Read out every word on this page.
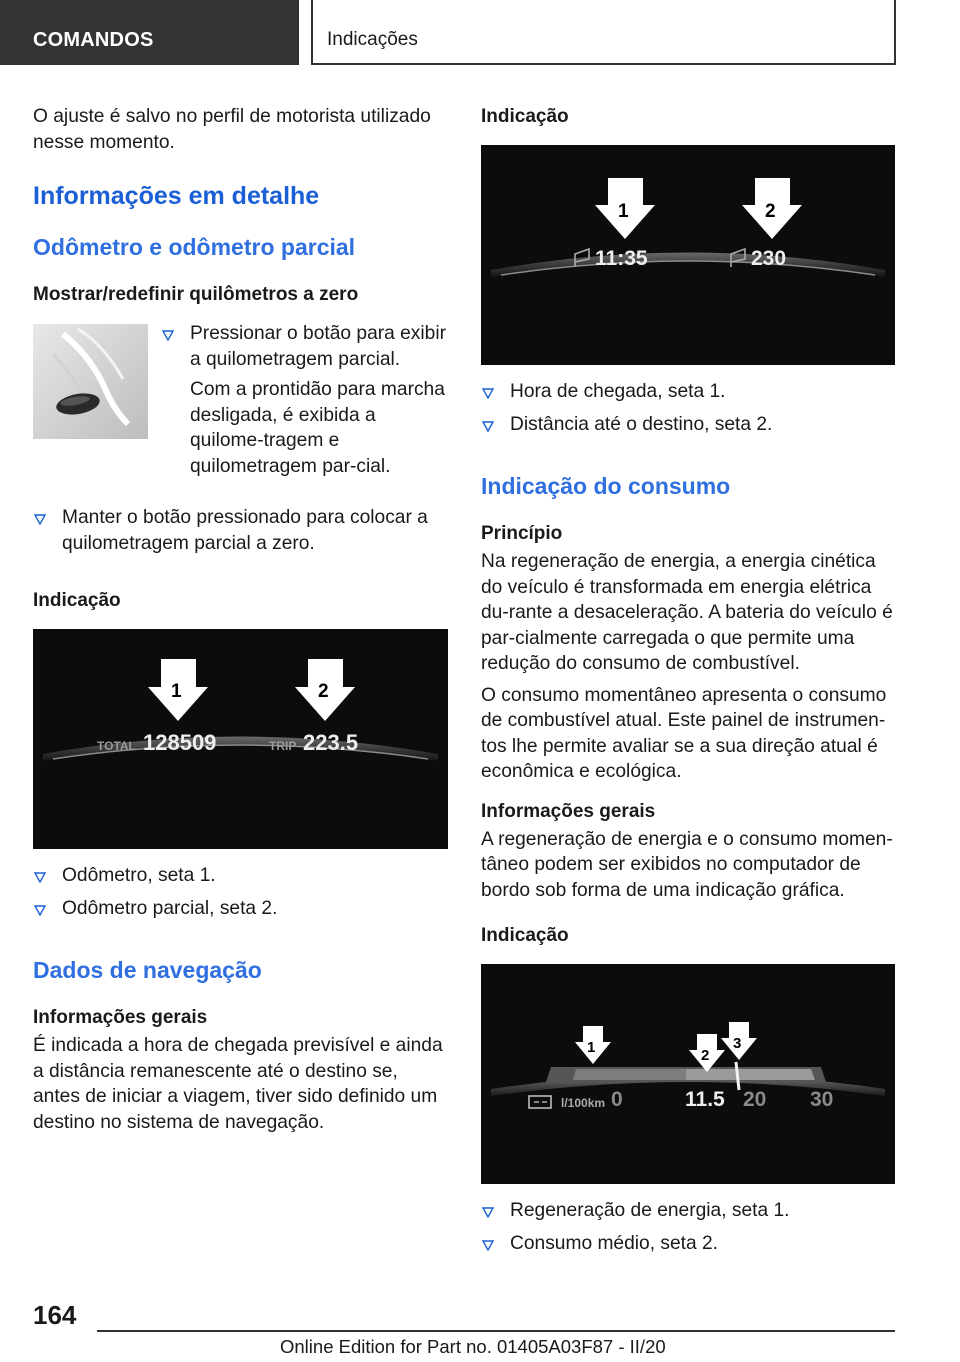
COMANDOS	Indicações

O ajuste é salvo no perfil de motorista utilizado nesse momento.

Informações em detalhe
Odômetro e odômetro parcial
Mostrar/redefinir quilômetros a zero
Pressionar o botão para exibir a quilometragem parcial.

Com a prontidão para marcha desligada, é exibida a quilome‐tragem e quilometragem par‐cial.

Manter o botão pressionado para colocar a quilometragem parcial a zero.
Indicação
1	2
TOTAL 128509	TRIP 223.5
Odômetro, seta 1.
Odômetro parcial, seta 2.
Dados de navegação
Informações gerais

É indicada a hora de chegada previsível e ainda a distância remanescente até o destino se, antes de iniciar a viagem, tiver sido definido um destino no sistema de navegação.

Indicação
1	2
11:35	230
Hora de chegada, seta 1.
Distância até o destino, seta 2.
Indicação do consumo
Princípio

Na regeneração de energia, a energia cinética do veículo é transformada em energia elétrica du‐rante a desaceleração. A bateria do veículo é par‐cialmente carregada o que permite uma redução do consumo de combustível.

O consumo momentâneo apresenta o consumo de combustível atual. Este painel de instrumen‐tos lhe permite avaliar se a sua direção atual é econômica e ecológica.

Informações gerais

A regeneração de energia e o consumo momen‐tâneo podem ser exibidos no computador de bordo sob forma de uma indicação gráfica.

Indicação
1	2
3
l/100km 0	11.5 20 30
Regeneração de energia, seta 1.
Consumo médio, seta 2.
164
Online Edition for Part no. 01405A03F87 - II/20
